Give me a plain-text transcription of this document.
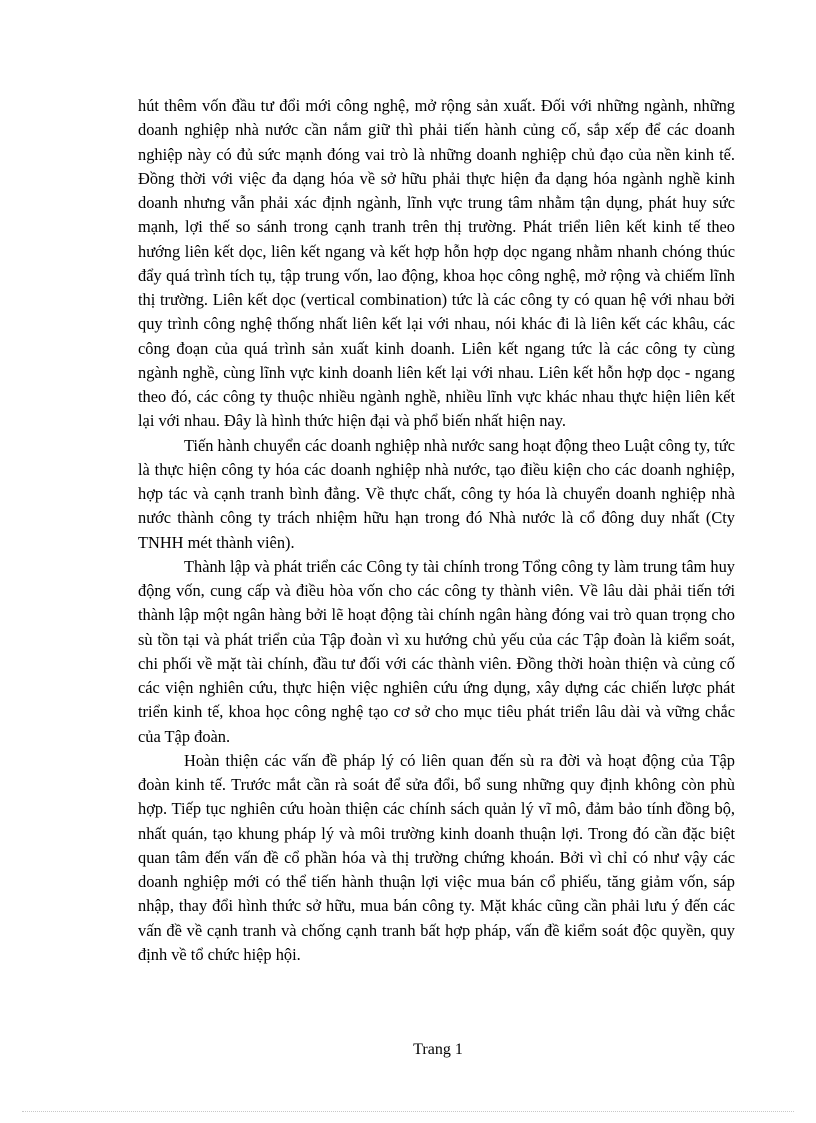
hút thêm vốn đầu tư đổi mới công nghệ, mở rộng sản xuất. Đối với những ngành, những doanh nghiệp nhà nước cần nắm giữ thì phải tiến hành củng cố, sắp xếp để các doanh nghiệp này có đủ sức mạnh đóng vai trò là những doanh nghiệp chủ đạo của nền kinh tế. Đồng thời với việc đa dạng hóa về sở hữu phải thực hiện đa dạng hóa ngành nghề kinh doanh nhưng vẫn phải xác định ngành, lĩnh vực trung tâm nhằm tận dụng, phát huy sức mạnh, lợi thế so sánh trong cạnh tranh trên thị trường. Phát triển liên kết kinh tế theo hướng liên kết dọc, liên kết ngang và kết hợp hỗn hợp dọc ngang nhằm nhanh chóng thúc đẩy quá trình tích tụ, tập trung vốn, lao động, khoa học công nghệ, mở rộng và chiếm lĩnh thị trường. Liên kết dọc (vertical combination) tức là các công ty có quan hệ với nhau bởi quy trình công nghệ thống nhất liên kết lại với nhau, nói khác đi là liên kết các khâu, các công đoạn của quá trình sản xuất kinh doanh. Liên kết ngang tức là các công ty cùng ngành nghề, cùng lĩnh vực kinh doanh liên kết lại với nhau. Liên kết hỗn hợp dọc - ngang theo đó, các công ty thuộc nhiều ngành nghề, nhiều lĩnh vực khác nhau thực hiện liên kết lại với nhau. Đây là hình thức hiện đại và phổ biến nhất hiện nay.

Tiến hành chuyển các doanh nghiệp nhà nước sang hoạt động theo Luật công ty, tức là thực hiện công ty hóa các doanh nghiệp nhà nước, tạo điều kiện cho các doanh nghiệp, hợp tác và cạnh tranh bình đẳng. Về thực chất, công ty hóa là chuyển doanh nghiệp nhà nước thành công ty trách nhiệm hữu hạn trong đó Nhà nước là cổ đông duy nhất (Cty TNHH mét thành viên).

Thành lập và phát triển các Công ty tài chính trong Tổng công ty làm trung tâm huy động vốn, cung cấp và điều hòa vốn cho các công ty thành viên. Về lâu dài phải tiến tới thành lập một ngân hàng bởi lẽ hoạt động tài chính ngân hàng đóng vai trò quan trọng cho sù tồn tại và phát triển của Tập đoàn vì xu hướng chủ yếu của các Tập đoàn là kiểm soát, chi phối về mặt tài chính, đầu tư đối với các thành viên. Đồng thời hoàn thiện và củng cố các viện nghiên cứu, thực hiện việc nghiên cứu ứng dụng, xây dựng các chiến lược phát triển kinh tế, khoa học công nghệ tạo cơ sở cho mục tiêu phát triển lâu dài và vững chắc của Tập đoàn.

Hoàn thiện các vấn đề pháp lý có liên quan đến sù ra đời và hoạt động của Tập đoàn kinh tế. Trước mắt cần rà soát để sửa đổi, bổ sung những quy định không còn phù hợp. Tiếp tục nghiên cứu hoàn thiện các chính sách quản lý vĩ mô, đảm bảo tính đồng bộ, nhất quán, tạo khung pháp lý và môi trường kinh doanh thuận lợi. Trong đó cần đặc biệt quan tâm đến vấn đề cổ phần hóa và thị trường chứng khoán. Bởi vì chỉ có như vậy các doanh nghiệp mới có thể tiến hành thuận lợi việc mua bán cổ phiếu, tăng giảm vốn, sáp nhập, thay đổi hình thức sở hữu, mua bán công ty. Mặt khác cũng cần phải lưu ý đến các vấn đề về cạnh tranh và chống cạnh tranh bất hợp pháp, vấn đề kiểm soát độc quyền, quy định về tổ chức hiệp hội.

Trang 1
